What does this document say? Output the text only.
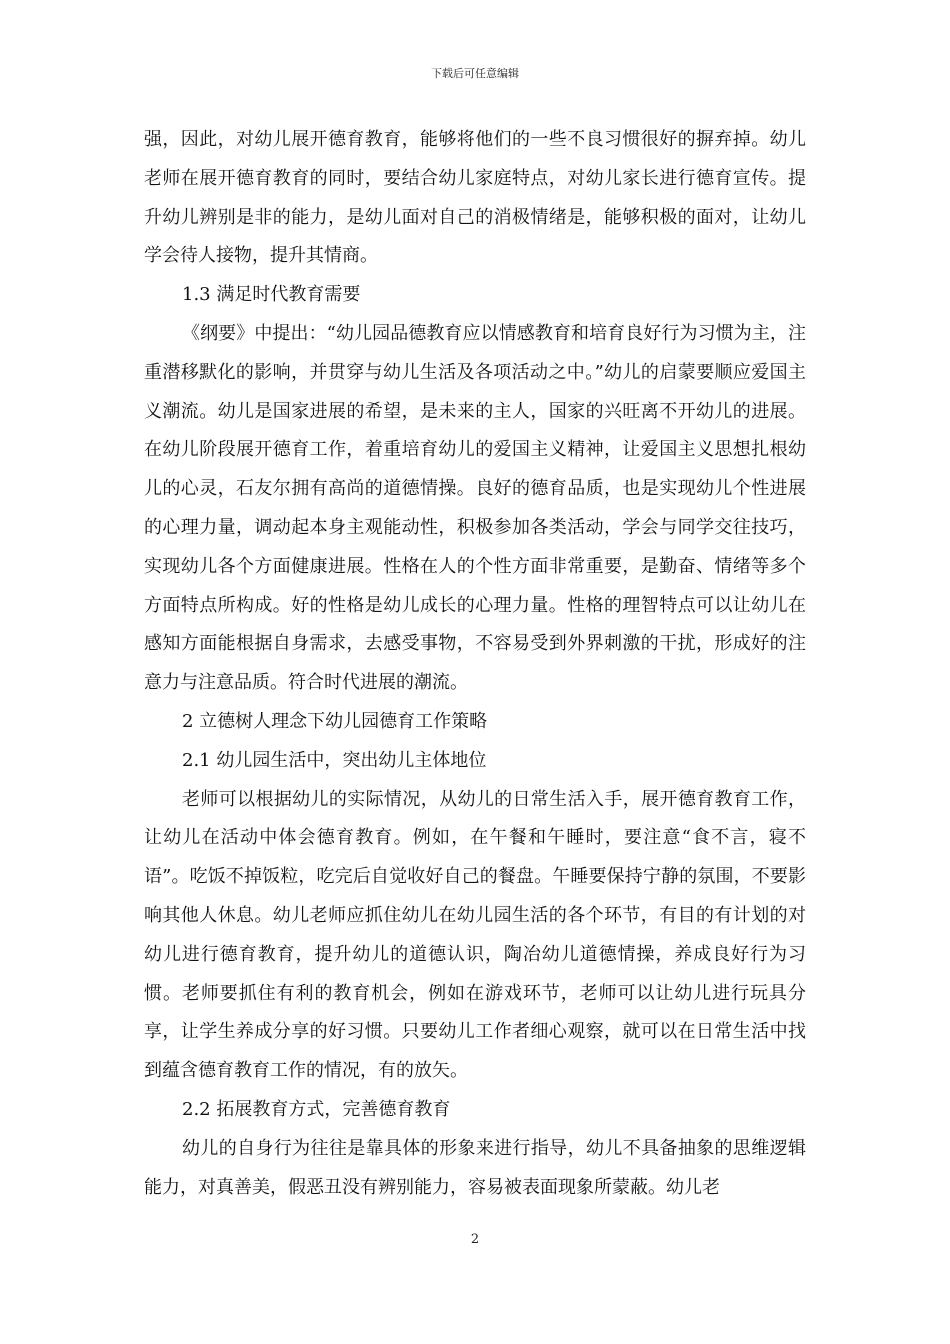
下载后可任意编辑

强，因此，对幼儿展开德育教育，能够将他们的一些不良习惯很好的摒弃掉。幼儿老师在展开德育教育的同时，要结合幼儿家庭特点，对幼儿家长进行德育宣传。提升幼儿辨别是非的能力，是幼儿面对自己的消极情绪是，能够积极的面对，让幼儿学会待人接物，提升其情商。

1.3 满足时代教育需要

《纲要》中提出：“幼儿园品德教育应以情感教育和培育良好行为习惯为主，注重潜移默化的影响，并贯穿与幼儿生活及各项活动之中。”幼儿的启蒙要顺应爱国主义潮流。幼儿是国家进展的希望，是未来的主人，国家的兴旺离不开幼儿的进展。在幼儿阶段展开德育工作，着重培育幼儿的爱国主义精神，让爱国主义思想扎根幼儿的心灵，石友尔拥有高尚的道德情操。良好的德育品质，也是实现幼儿个性进展的心理力量，调动起本身主观能动性，积极参加各类活动，学会与同学交往技巧，实现幼儿各个方面健康进展。性格在人的个性方面非常重要，是勤奋、情绪等多个方面特点所构成。好的性格是幼儿成长的心理力量。性格的理智特点可以让幼儿在感知方面能根据自身需求，去感受事物，不容易受到外界刺激的干扰，形成好的注意力与注意品质。符合时代进展的潮流。

2 立德树人理念下幼儿园德育工作策略

2.1 幼儿园生活中，突出幼儿主体地位

老师可以根据幼儿的实际情况，从幼儿的日常生活入手，展开德育教育工作，让幼儿在活动中体会德育教育。例如，在午餐和午睡时，要注意“食不言，寝不语”。吃饭不掉饭粒，吃完后自觉收好自己的餐盘。午睡要保持宁静的氛围，不要影响其他人休息。幼儿老师应抓住幼儿在幼儿园生活的各个环节，有目的有计划的对幼儿进行德育教育，提升幼儿的道德认识，陶冶幼儿道德情操，养成良好行为习惯。老师要抓住有利的教育机会，例如在游戏环节，老师可以让幼儿进行玩具分享，让学生养成分享的好习惯。只要幼儿工作者细心观察，就可以在日常生活中找到蕴含德育教育工作的情况，有的放矢。

2.2 拓展教育方式，完善德育教育

幼儿的自身行为往往是靠具体的形象来进行指导，幼儿不具备抽象的思维逻辑能力，对真善美，假恶丑没有辨别能力，容易被表面现象所蒙蔽。幼儿老

2
